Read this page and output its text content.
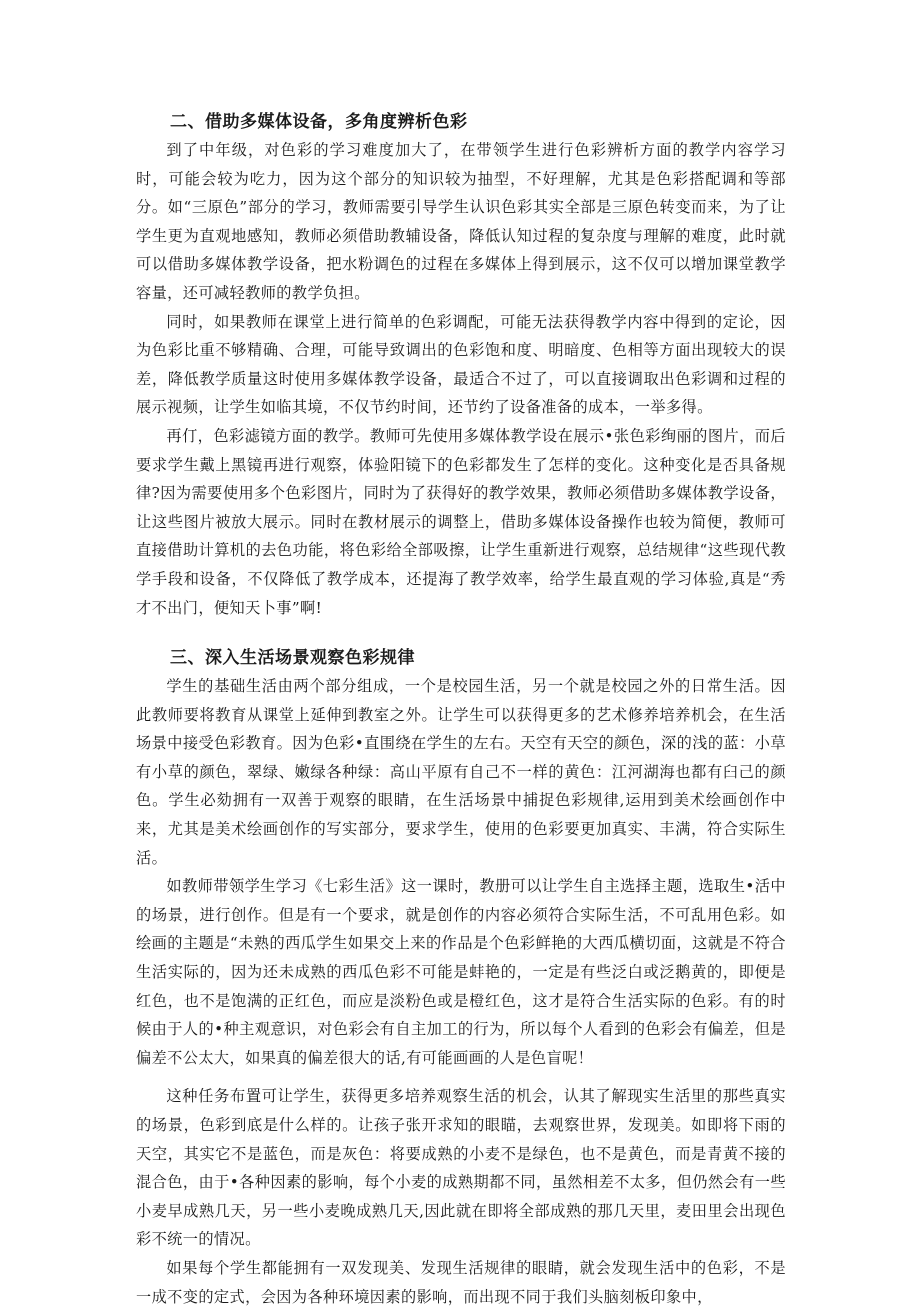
二、借助多媒体设备，多角度辨析色彩

到了中年级，对色彩的学习难度加大了，在带领学生进行色彩辨析方面的教学内容学习时，可能会较为吃力，因为这个部分的知识较为抽型，不好理解，尤其是色彩搭配调和等部分。如“三原色”部分的学习，教师需要引导学生认识色彩其实全部是三原色转变而来，为了让学生更为直观地感知，教师必须借助教辅设备，降低认知过程的复杂度与理解的难度，此时就可以借助多媒体教学设备，把水粉调色的过程在多媒体上得到展示，这不仅可以增加课堂教学容量，还可减轻教师的教学负担。

同时，如果教师在课堂上进行简单的色彩调配，可能无法获得教学内容中得到的定论，因为色彩比重不够精确、合理，可能导致调出的色彩饱和度、明暗度、色相等方面出现较大的误差，降低教学质量这时使用多媒体教学设备，最适合不过了，可以直接调取出色彩调和过程的展示视频，让学生如临其境，不仅节约时间，还节约了设备准备的成本，一举多得。

再仃，色彩滤镜方面的教学。教师可先使用多媒体教学设在展示•张色彩绚丽的图片，而后要求学生戴上黑镜再进行观察，体验阳镜下的色彩都发生了怎样的变化。这种变化是否具备规律?因为需要使用多个色彩图片，同时为了获得好的教学效果，教师必须借助多媒体教学设备，让这些图片被放大展示。同时在教材展示的调整上，借助多媒体设备操作也较为简便，教师可直接借助计算机的去色功能，将色彩给全部吸擦，让学生重新进行观察，总结规律“这些现代教学手段和设备，不仅降低了教学成本，还提海了教学效率，给学生最直观的学习体验,真是“秀才不出门，便知天卜事”啊!

三、深入生活场景观察色彩规律

学生的基础生活由两个部分组成，一个是校园生活，另一个就是校园之外的日常生活。因此教师要将教育从课堂上延伸到教室之外。让学生可以获得更多的艺术修养培养机会，在生活场景中接受色彩教育。因为色彩•直围绕在学生的左右。天空有天空的颜色，深的浅的蓝：小草有小草的颜色，翠绿、嫩绿各种绿：高山平原有自己不一样的黄色：江河湖海也都有臼己的颜色。学生必劾拥有一双善于观察的眼睛，在生活场景中捕捉色彩规律,运用到美术绘画创作中来，尤其是美术绘画创作的写实部分，要求学生，使用的色彩要更加真实、丰满，符合实际生活。

如教师带领学生学习《七彩生活》这一课时，教册可以让学生自主选择主题，选取生•活中的场景，进行创作。但是有一个要求，就是创作的内容必须符合实际生活，不可乱用色彩。如绘画的主题是“未熟的西瓜学生如果交上来的作品是个色彩鲜艳的大西瓜横切面，这就是不符合生活实际的，因为还未成熟的西瓜色彩不可能是蚌艳的，一定是有些泛白或泛鹅黄的，即便是红色，也不是饱满的正红色，而应是淡粉色或是橙红色，这才是符合生活实际的色彩。有的时候由于人的•种主观意识，对色彩会有自主加工的行为，所以每个人看到的色彩会有偏差，但是偏差不公太大，如果真的偏差很大的话,有可能画画的人是色盲呢！

这种任务布置可让学生，获得更多培养观察生活的机会，认其了解现实生活里的那些真实的场景，色彩到底是什么样的。让孩子张开求知的眼瞄，去观察世界，发现美。如即将下雨的天空，其实它不是蓝色，而是灰色：将要成熟的小麦不是绿色，也不是黄色，而是青黄不接的混合色，由于•各种因素的影响，每个小麦的成熟期都不同，虽然相差不太多，但仍然会有一些小麦早成熟几天，另一些小麦晚成熟几天,因此就在即将全部成熟的那几天里，麦田里会出现色彩不统一的情况。

如果每个学生都能拥有一双发现美、发现生活规律的眼睛，就会发现生活中的色彩，不是一成不变的定式，会因为各种环境因素的影响，而出现不同于我们头脑刻板印象中，
